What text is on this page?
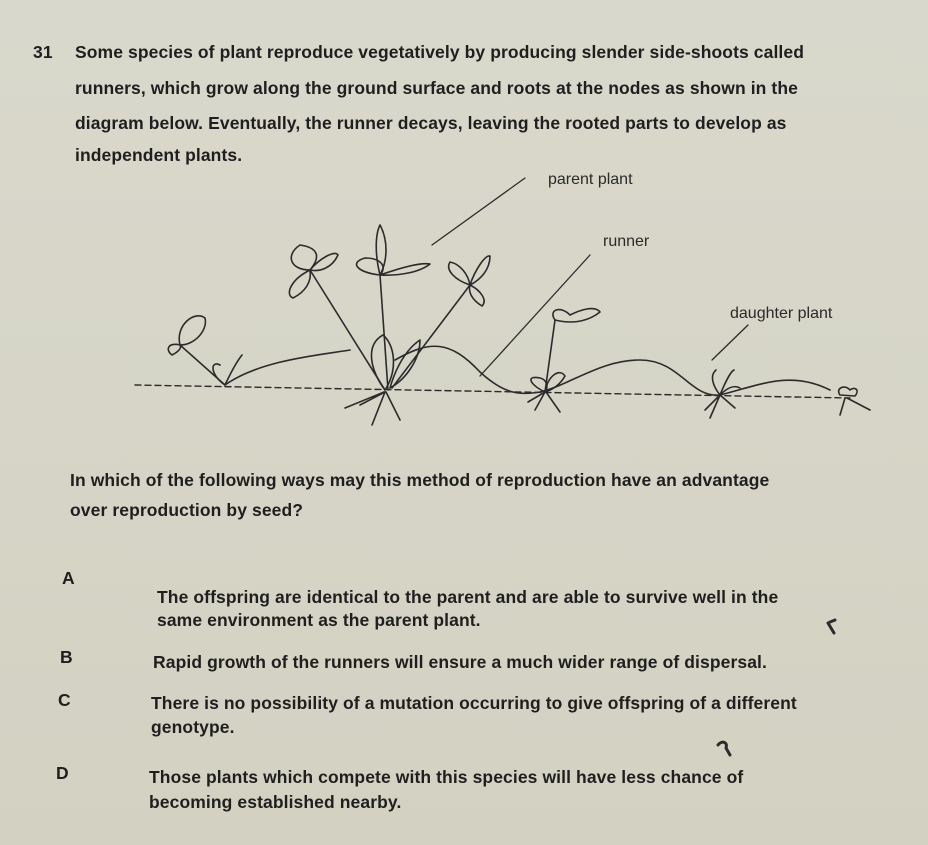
31 Some species of plant reproduce vegetatively by producing slender side-shoots called
runners, which grow along the ground surface and roots at the nodes as shown in the
diagram below. Eventually, the runner decays, leaving the rooted parts to develop as
independent plants.
parent plant
runner
daughter plant
In which of the following ways may this method of reproduction have an advantage
over reproduction by seed?
A
The offspring are identical to the parent and are able to survive well in the
same environment as the parent plant.
B	Rapid growth of the runners will ensure a much wider range of dispersal.
C	There is no possibility of a mutation occurring to give offspring of a different
genotype.
D	Those plants which compete with this species will have less chance of
becoming established nearby.
